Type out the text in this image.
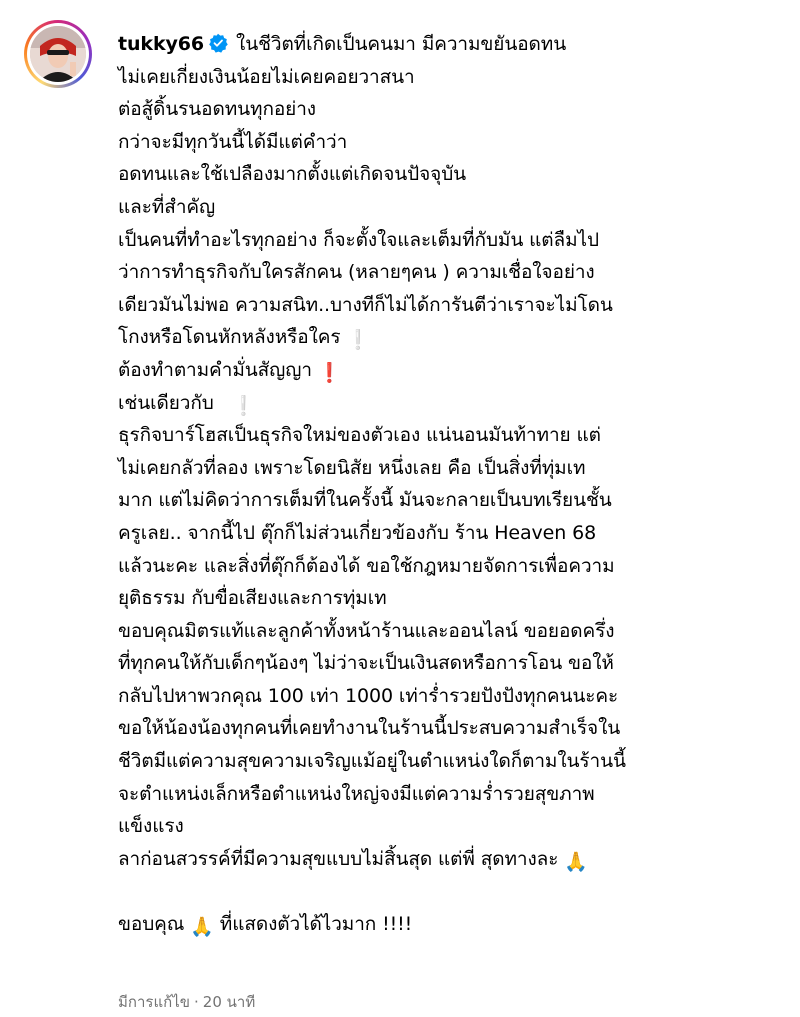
tukky66 ในชีวิตที่เกิดเป็นคนมา มีความขยันอดทน
ไม่เคยเกี่ยงเงินน้อยไม่เคยคอยวาสนา
ต่อสู้ดิ้นรนอดทนทุกอย่าง
กว่าจะมีทุกวันนี้ได้มีแต่คำว่า
อดทนและใช้เปลืองมากตั้งแต่เกิดจนปัจจุบัน
และที่สำคัญ
เป็นคนที่ทำอะไรทุกอย่าง ก็จะตั้งใจและเต็มที่กับมัน แต่ลืมไป
ว่าการทำธุรกิจกับใครสักคน (หลายๆคน ) ความเชื่อใจอย่าง
เดียวมันไม่พอ ความสนิท..บางทีก็ไม่ได้การันตีว่าเราจะไม่โดน
โกงหรือโดนหักหลังหรือใคร ❕
ต้องทำตามคำมั่นสัญญา ❗
เช่นเดียวกับ ❕
ธุรกิจบาร์โฮสเป็นธุรกิจใหม่ของตัวเอง แน่นอนมันท้าทาย แต่
ไม่เคยกลัวที่ลอง เพราะโดยนิสัย หนึ่งเลย คือ เป็นสิ่งที่ทุ่มเท
มาก แต่ไม่คิดว่าการเต็มที่ในครั้งนี้ มันจะกลายเป็นบทเรียนชั้น
ครูเลย.. จากนี้ไป ตุ๊กก็ไม่ส่วนเกี่ยวข้องกับ ร้าน Heaven 68
แล้วนะคะ และสิ่งที่ตุ๊กก็ต้องได้ ขอใช้กฎหมายจัดการเพื่อความ
ยุติธรรม กับขื่อเสียงและการทุ่มเท
ขอบคุณมิตรแท้และลูกค้าทั้งหน้าร้านและออนไลน์ ขอยอดครึ่ง
ที่ทุกคนให้กับเด็กๆน้องๆ ไม่ว่าจะเป็นเงินสดหรือการโอน ขอให้
กลับไปหาพวกคุณ 100 เท่า 1000 เท่าร่ำรวยปังปังทุกคนนะคะ
ขอให้น้องน้องทุกคนที่เคยทำงานในร้านนี้ประสบความสำเร็จใน
ชีวิตมีแต่ความสุขความเจริญแม้อยู่ในตำแหน่งใดก็ตามในร้านนี้
จะตำแหน่งเล็กหรือตำแหน่งใหญ่จงมีแต่ความร่ำรวยสุขภาพ
แข็งแรง
ลาก่อนสวรรค์ที่มีความสุขแบบไม่สิ้นสุด แต่พี่ สุดทางละ 🙏
ขอบคุณ 🙏 ที่แสดงตัวได้ไวมาก !!!!
มีการแก้ไข · 20 นาที
